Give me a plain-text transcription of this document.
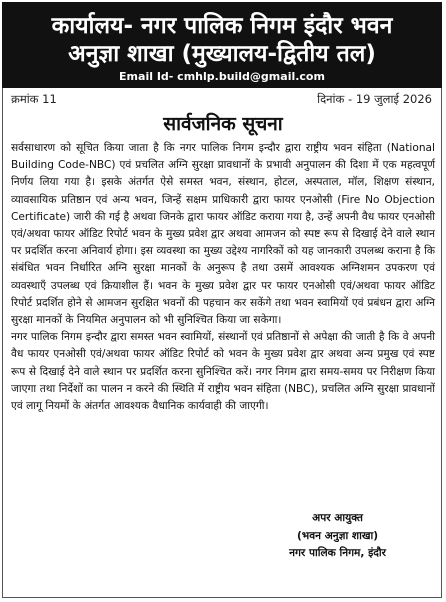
कार्यालय- नगर पालिक निगम इंदौर भवन
अनुज्ञा शाखा (मुख्यालय-द्वितीय तल)
Email Id- cmhlp.build@gmail.com
क्रमांक 11	दिनांक - 19 जुलाई 2026
सार्वजनिक सूचना

सर्वसाधारण को सूचित किया जाता है कि नगर पालिक निगम इन्दौर द्वारा राष्ट्रीय भवन संहिता (National Building Code-NBC) एवं प्रचलित अग्नि सुरक्षा प्रावधानों के प्रभावी अनुपालन की दिशा में एक महत्वपूर्ण निर्णय लिया गया है। इसके अंतर्गत ऐसे समस्त भवन, संस्थान, होटल, अस्पताल, मॉल, शिक्षण संस्थान, व्यावसायिक प्रतिष्ठान एवं अन्य भवन, जिन्हें सक्षम प्राधिकारी द्वारा फायर एनओसी (Fire No Objection Certificate) जारी की गई है अथवा जिनके द्वारा फायर ऑडिट कराया गया है, उन्हें अपनी वैध फायर एनओसी एवं/अथवा फायर ऑडिट रिपोर्ट भवन के मुख्य प्रवेश द्वार अथवा आमजन को स्पष्ट रूप से दिखाई देने वाले स्थान पर प्रदर्शित करना अनिवार्य होगा। इस व्यवस्था का मुख्य उद्देश्य नागरिकों को यह जानकारी उपलब्ध कराना है कि संबंधित भवन निर्धारित अग्नि सुरक्षा मानकों के अनुरूप है तथा उसमें आवश्यक अग्निशमन उपकरण एवं व्यवस्थाएँ उपलब्ध एवं क्रियाशील हैं। भवन के मुख्य प्रवेश द्वार पर फायर एनओसी एवं/अथवा फायर ऑडिट रिपोर्ट प्रदर्शित होने से आमजन सुरक्षित भवनों की पहचान कर सकेंगे तथा भवन स्वामियों एवं प्रबंधन द्वारा अग्नि सुरक्षा मानकों के नियमित अनुपालन को भी सुनिश्चित किया जा सकेगा।

नगर पालिक निगम इन्दौर द्वारा समस्त भवन स्वामियों, संस्थानों एवं प्रतिष्ठानों से अपेक्षा की जाती है कि वे अपनी वैध फायर एनओसी एवं/अथवा फायर ऑडिट रिपोर्ट को भवन के मुख्य प्रवेश द्वार अथवा अन्य प्रमुख एवं स्पष्ट रूप से दिखाई देने वाले स्थान पर प्रदर्शित करना सुनिश्चित करें। नगर निगम द्वारा समय-समय पर निरीक्षण किया जाएगा तथा निर्देशों का पालन न करने की स्थिति में राष्ट्रीय भवन संहिता (NBC), प्रचलित अग्नि सुरक्षा प्रावधानों एवं लागू नियमों के अंतर्गत आवश्यक वैधानिक कार्यवाही की जाएगी।

अपर आयुक्त
(भवन अनुज्ञा शाखा)
नगर पालिक निगम, इंदौर
